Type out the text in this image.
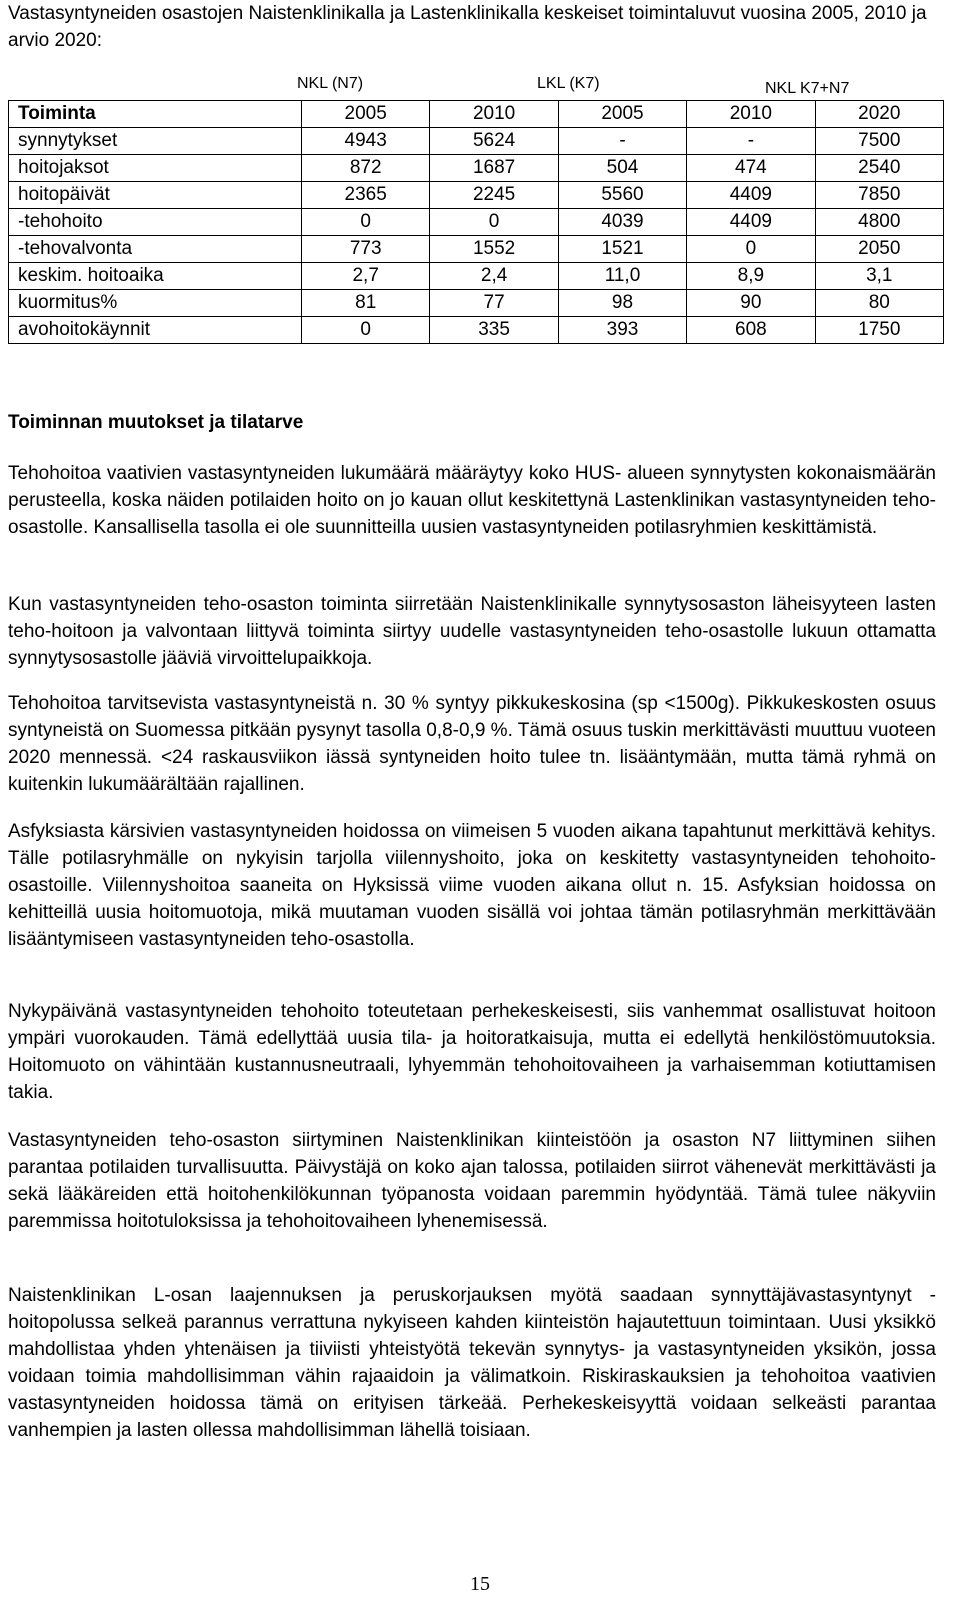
Vastasyntyneiden osastojen Naistenklinikalla ja Lastenklinikalla keskeiset toimintaluvut vuosina 2005, 2010 ja arvio 2020:

NKL (N7)	LKL (K7)	NKL K7+N7
Toiminta	2005	2010	2005	2010	2020
synnytykset	4943	5624	-	-	7500
hoitojaksot	872	1687	504	474	2540
hoitopäivät	2365	2245	5560	4409	7850
-tehohoito	0	0	4039	4409	4800
-tehovalvonta	773	1552	1521	0	2050
keskim. hoitoaika	2,7	2,4	11,0	8,9	3,1
kuormitus%	81	77	98	90	80
avohoitokäynnit	0	335	393	608	1750
Toiminnan muutokset ja tilatarve

Tehohoitoa vaativien vastasyntyneiden lukumäärä määräytyy koko HUS- alueen synnytysten kokonaismäärän perusteella, koska näiden potilaiden hoito on jo kauan ollut keskitettynä Lastenklinikan vastasyntyneiden teho-osastolle. Kansallisella tasolla ei ole suunnitteilla uusien vastasyntyneiden potilasryhmien keskittämistä.

Kun vastasyntyneiden teho-osaston toiminta siirretään Naistenklinikalle synnytysosaston läheisyyteen lasten teho-hoitoon ja valvontaan liittyvä toiminta siirtyy uudelle vastasyntyneiden teho-osastolle lukuun ottamatta synnytysosastolle jääviä virvoittelupaikkoja.

Tehohoitoa tarvitsevista vastasyntyneistä n. 30 % syntyy pikkukeskosina (sp <1500g). Pikkukeskosten osuus syntyneistä on Suomessa pitkään pysynyt tasolla 0,8-0,9 %. Tämä osuus tuskin merkittävästi muuttuu vuoteen 2020 mennessä. <24 raskausviikon iässä syntyneiden hoito tulee tn. lisääntymään, mutta tämä ryhmä on kuitenkin lukumäärältään rajallinen.

Asfyksiasta kärsivien vastasyntyneiden hoidossa on viimeisen 5 vuoden aikana tapahtunut merkittävä kehitys. Tälle potilasryhmälle on nykyisin tarjolla viilennyshoito, joka on keskitetty vastasyntyneiden tehohoito-osastoille. Viilennyshoitoa saaneita on Hyksissä viime vuoden aikana ollut n. 15. Asfyksian hoidossa on kehitteillä uusia hoitomuotoja, mikä muutaman vuoden sisällä voi johtaa tämän potilasryhmän merkittävään lisääntymiseen vastasyntyneiden teho-osastolla.

Nykypäivänä vastasyntyneiden tehohoito toteutetaan perhekeskeisesti, siis vanhemmat osallistuvat hoitoon ympäri vuorokauden. Tämä edellyttää uusia tila- ja hoitoratkaisuja, mutta ei edellytä henkilöstömuutoksia. Hoitomuoto on vähintään kustannusneutraali, lyhyemmän tehohoitovaiheen ja varhaisemman kotiuttamisen takia.

Vastasyntyneiden teho-osaston siirtyminen Naistenklinikan kiinteistöön ja osaston N7 liittyminen siihen parantaa potilaiden turvallisuutta. Päivystäjä on koko ajan talossa, potilaiden siirrot vähenevät merkittävästi ja sekä lääkäreiden että hoitohenkilökunnan työpanosta voidaan paremmin hyödyntää. Tämä tulee näkyviin paremmissa hoitotuloksissa ja tehohoitovaiheen lyhenemisessä.

Naistenklinikan L-osan laajennuksen ja peruskorjauksen myötä saadaan synnyttäjävastasyntynyt - hoitopolussa selkeä parannus verrattuna nykyiseen kahden kiinteistön hajautettuun toimintaan. Uusi yksikkö mahdollistaa yhden yhtenäisen ja tiiviisti yhteistyötä tekevän synnytys- ja vastasyntyneiden yksikön, jossa voidaan toimia mahdollisimman vähin rajaaidoin ja välimatkoin. Riskiraskauksien ja tehohoitoa vaativien vastasyntyneiden hoidossa tämä on erityisen tärkeää. Perhekeskeisyyttä voidaan selkeästi parantaa vanhempien ja lasten ollessa mahdollisimman lähellä toisiaan.

15
